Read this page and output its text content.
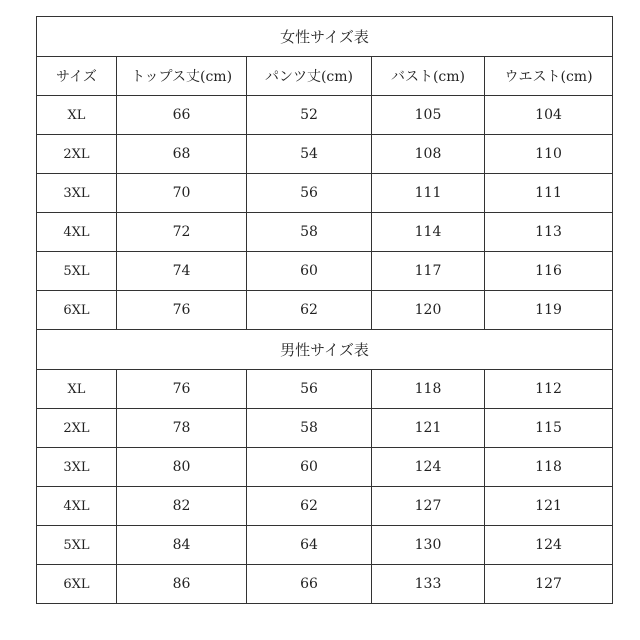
女性サイズ表				
サイズ	トップス丈(cm)	パンツ丈(cm)	バスト(cm)	ウエスト(cm)
XL	66	52	105	104
2XL	68	54	108	110
3XL	70	56	111	111
4XL	72	58	114	113
5XL	74	60	117	116
6XL	76	62	120	119
男性サイズ表				
XL	76	56	118	112
2XL	78	58	121	115
3XL	80	60	124	118
4XL	82	62	127	121
5XL	84	64	130	124
6XL	86	66	133	127
